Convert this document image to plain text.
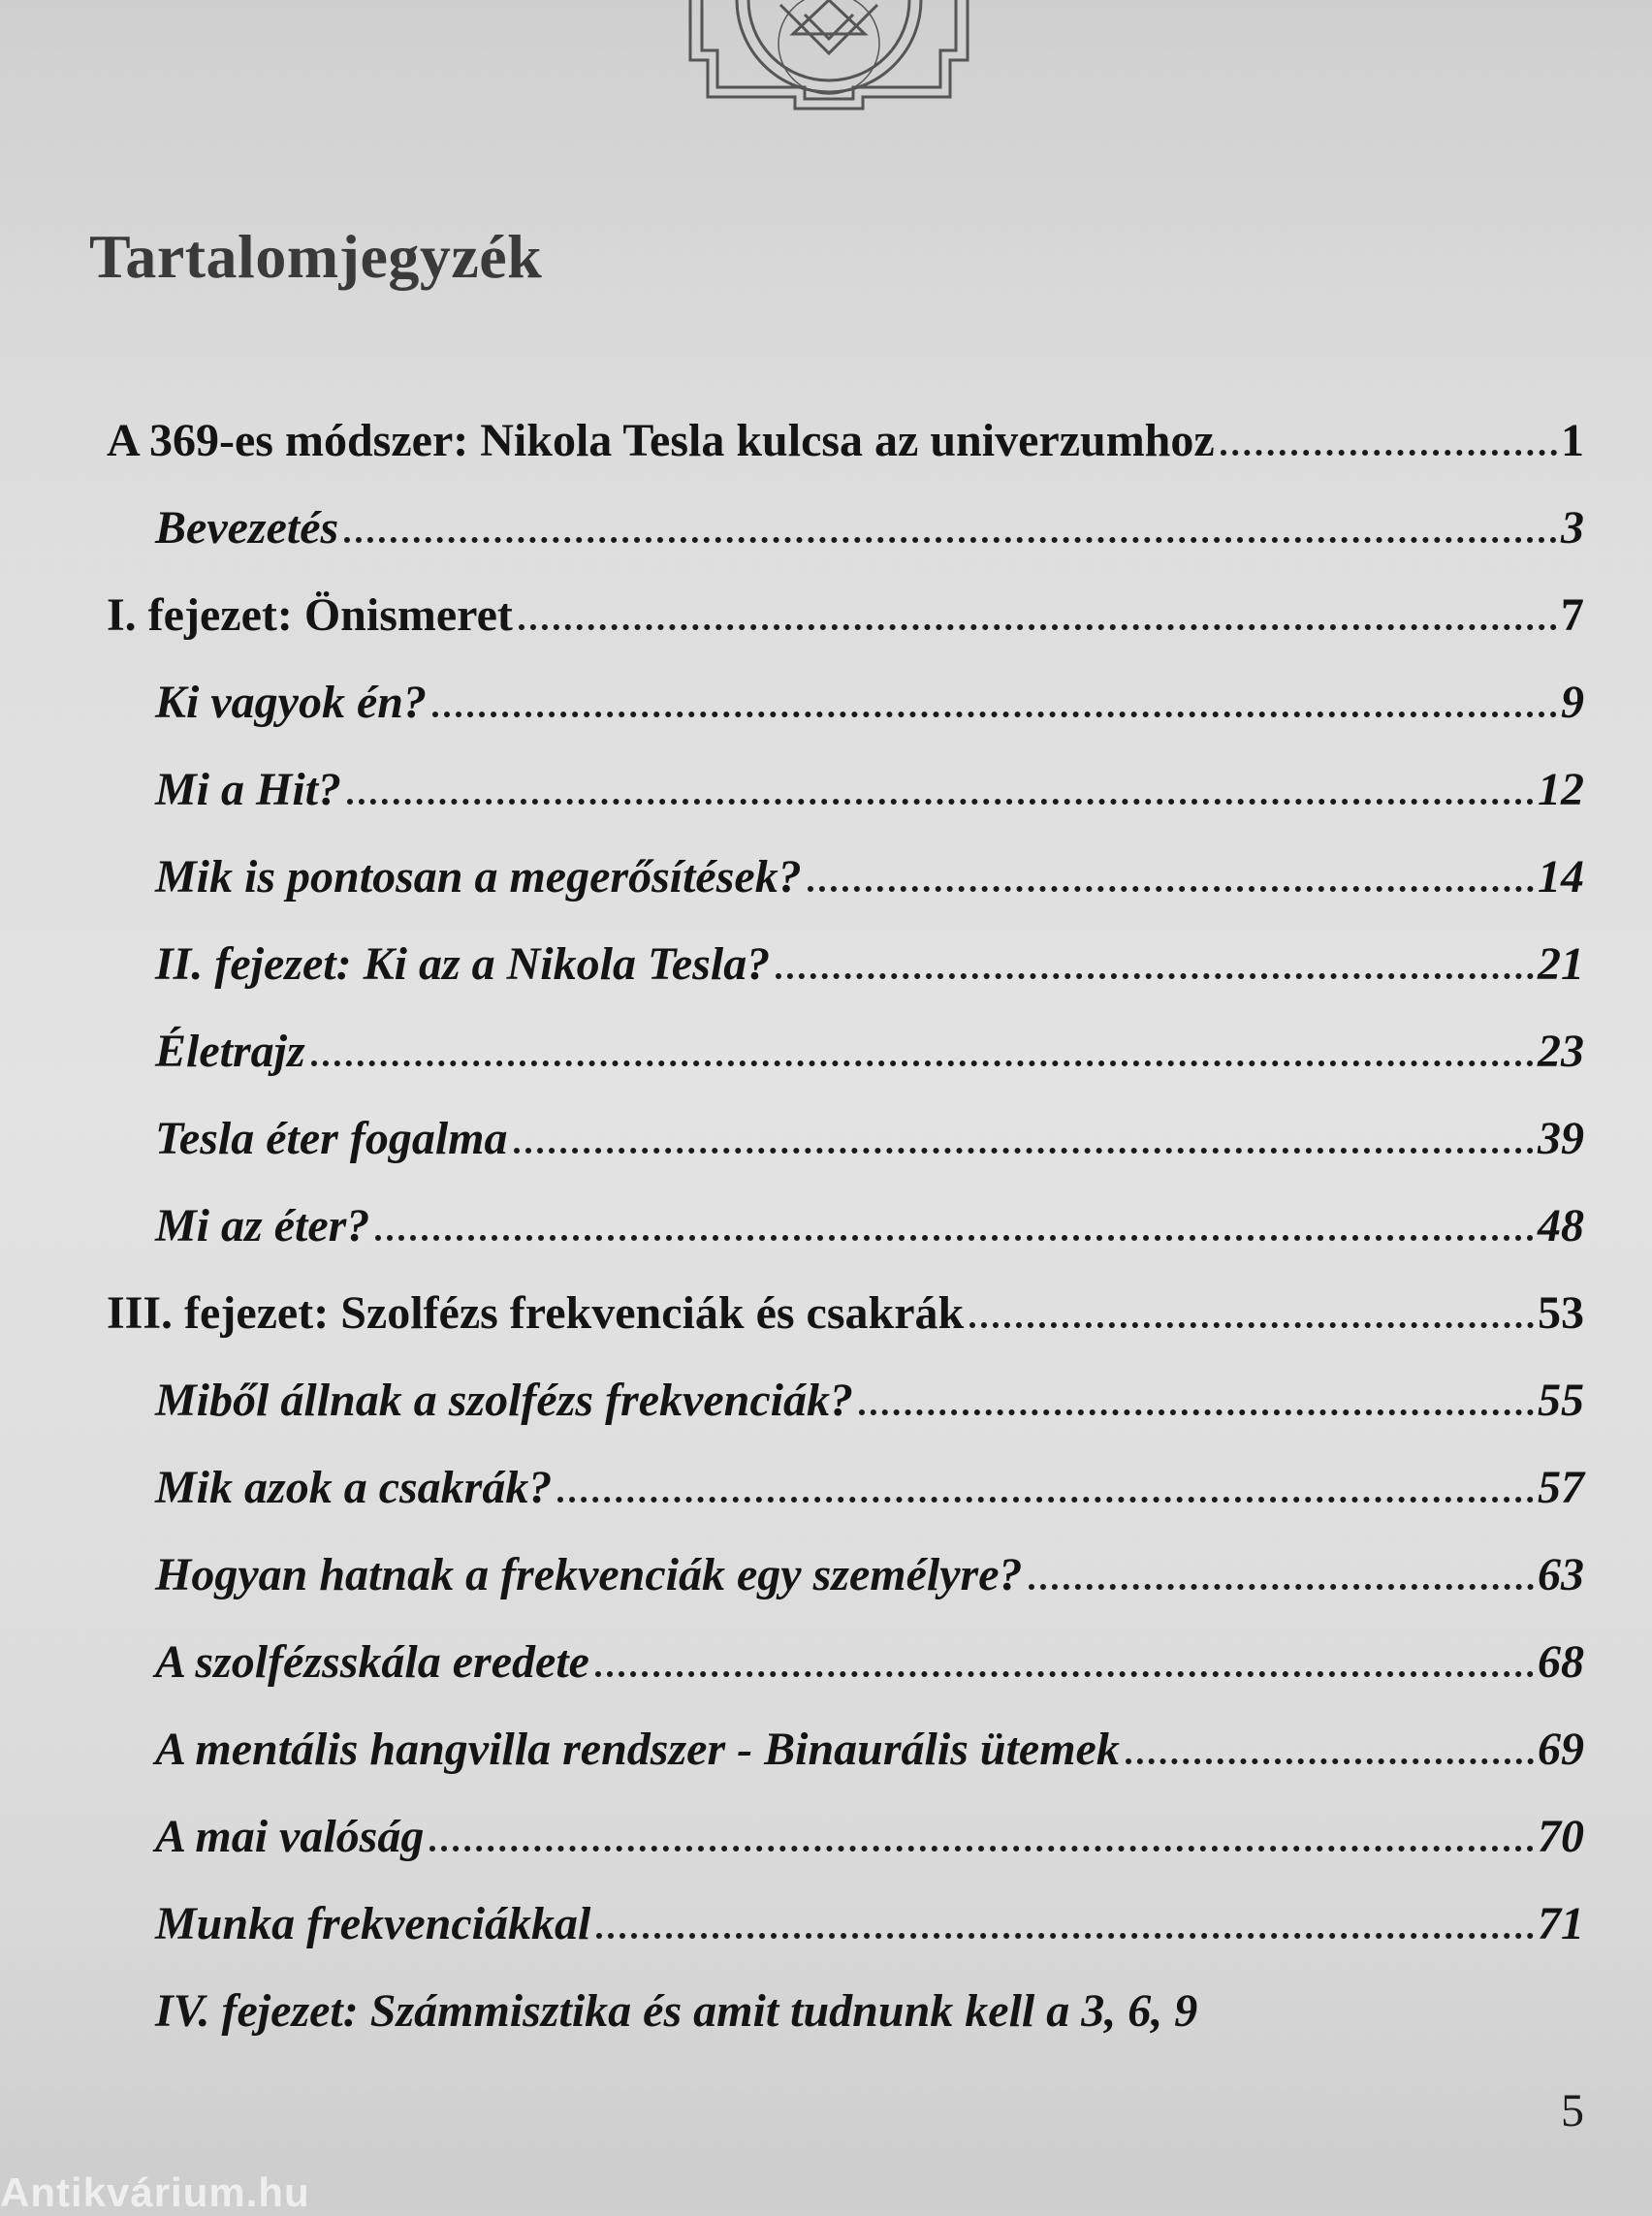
Tartalomjegyzék
A 369-es módszer: Nikola Tesla kulcsa az univerzumhoz	1
Bevezetés	3
I. fejezet: Önismeret	7
Ki vagyok én?	9
Mi a Hit?	12
Mik is pontosan a megerősítések?	14
II. fejezet: Ki az a Nikola Tesla?	21
Életrajz	23
Tesla éter fogalma	39
Mi az éter?	48
III. fejezet: Szolfézs frekvenciák és csakrák	53
Miből állnak a szolfézs frekvenciák?	55
Mik azok a csakrák?	57
Hogyan hatnak a frekvenciák egy személyre?	63
A szolfézsskála eredete	68
A mentális hangvilla rendszer - Binaurális ütemek	69
A mai valóság	70
Munka frekvenciákkal	71
IV. fejezet: Számmisztika és amit tudnunk kell a 3, 6, 9
5
Antikvárium.hu
